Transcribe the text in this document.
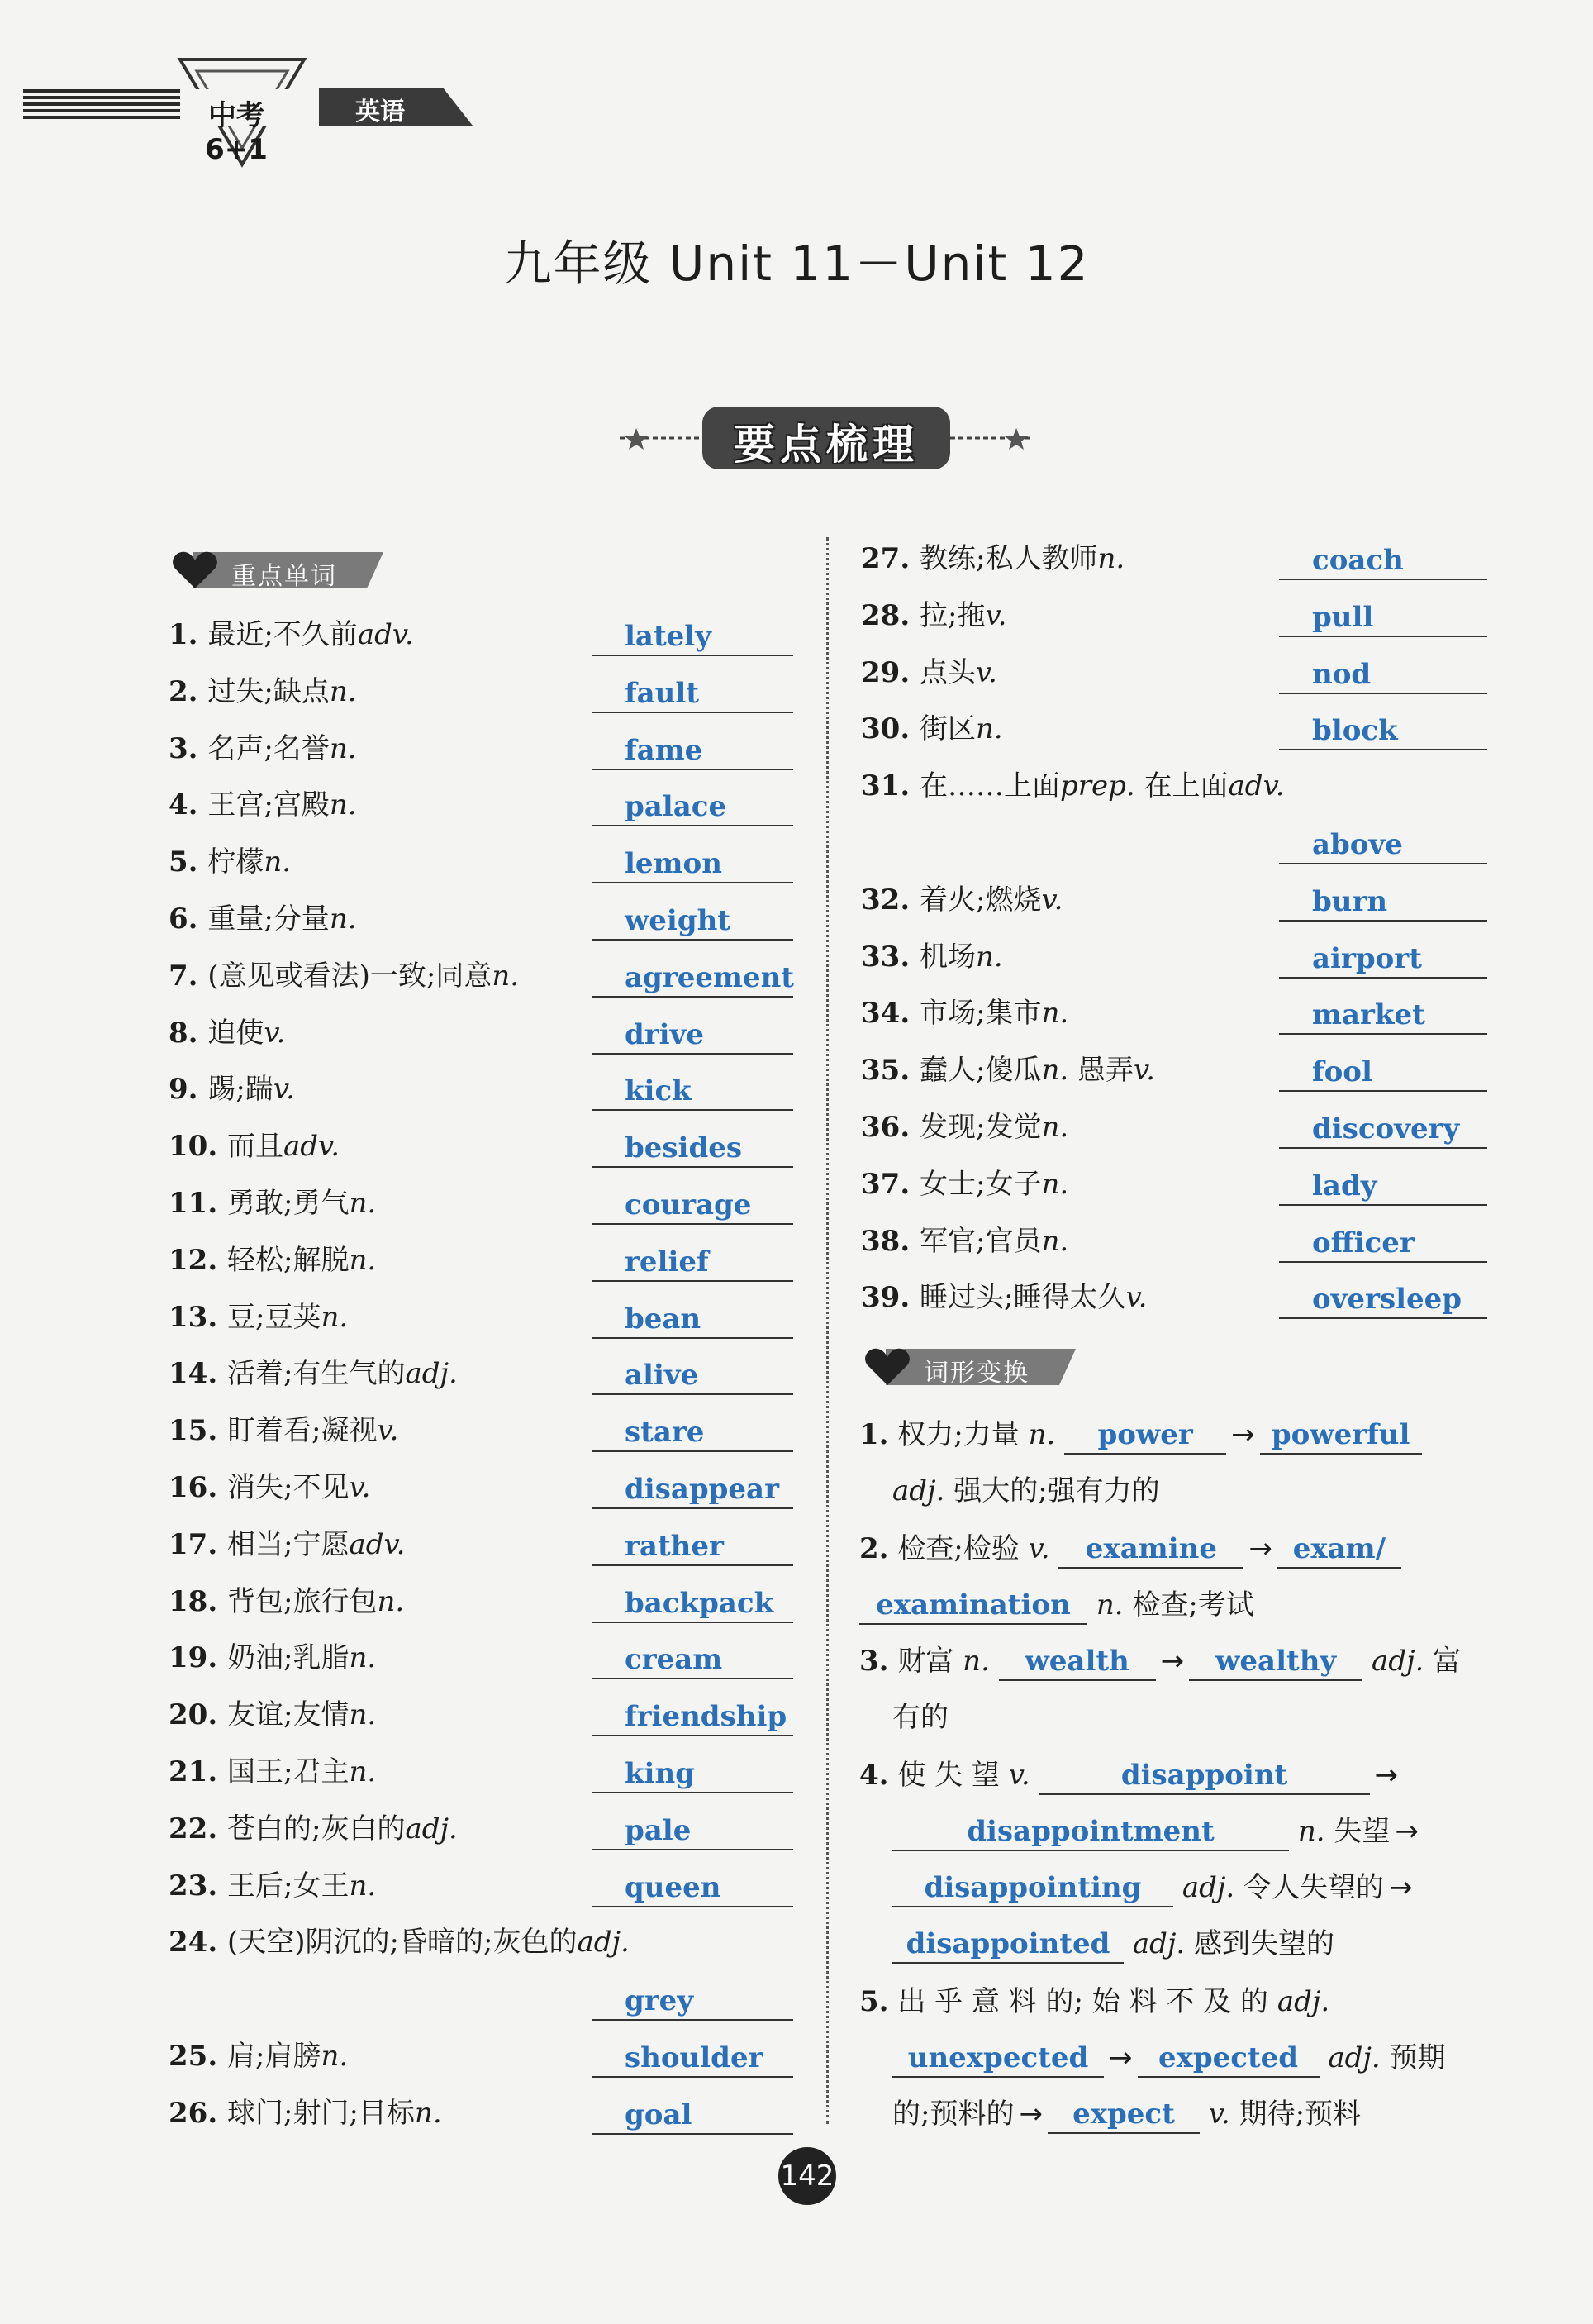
中考6+1
英语
九年级 Unit 11－Unit 12
要点梳理
重点单词
词形变换
1. 最近;不久前adv.	lately
2. 过失;缺点n.	fault
3. 名声;名誉n.	fame
4. 王宫;宫殿n.	palace
5. 柠檬n.	lemon
6. 重量;分量n.	weight
7. (意见或看法)一致;同意n.	agreement
8. 迫使v.	drive
9. 踢;踹v.	kick
10. 而且adv.	besides
11. 勇敢;勇气n.	courage
12. 轻松;解脱n.	relief
13. 豆;豆荚n.	bean
14. 活着;有生气的adj.	alive
15. 盯着看;凝视v.	stare
16. 消失;不见v.	disappear
17. 相当;宁愿adv.	rather
18. 背包;旅行包n.	backpack
19. 奶油;乳脂n.	cream
20. 友谊;友情n.	friendship
21. 国王;君主n.	king
22. 苍白的;灰白的adj.	pale
23. 王后;女王n.	queen
24. (天空)阴沉的;昏暗的;灰色的adj.
grey
25. 肩;肩膀n.	shoulder
26. 球门;射门;目标n.	goal
27. 教练;私人教师n.	coach
28. 拉;拖v.	pull
29. 点头v.	nod
30. 街区n.	block
31. 在……上面prep. 在上面adv.
above
32. 着火;燃烧v.	burn
33. 机场n.	airport
34. 市场;集市n.	market
35. 蠢人;傻瓜n. 愚弄v.	fool
36. 发现;发觉n.	discovery
37. 女士;女子n.	lady
38. 军官;官员n.	officer
39. 睡过头;睡得太久v.	oversleep
1. 权力;力量 n. power → powerful
adj. 强大的;强有力的
2. 检查;检验 v. examine → exam/
examination n. 检查;考试
3. 财富 n. wealth → wealthy adj. 富
有的
4. 使 失 望 v.	disappoint	→
disappointment	n. 失望 →
disappointing adj. 令人失望的 →
disappointed adj. 感到失望的
5. 出 乎 意 料 的; 始 料 不 及 的 adj.
unexpected → expected adj. 预期
的;预料的 → expect v. 期待;预料
142
